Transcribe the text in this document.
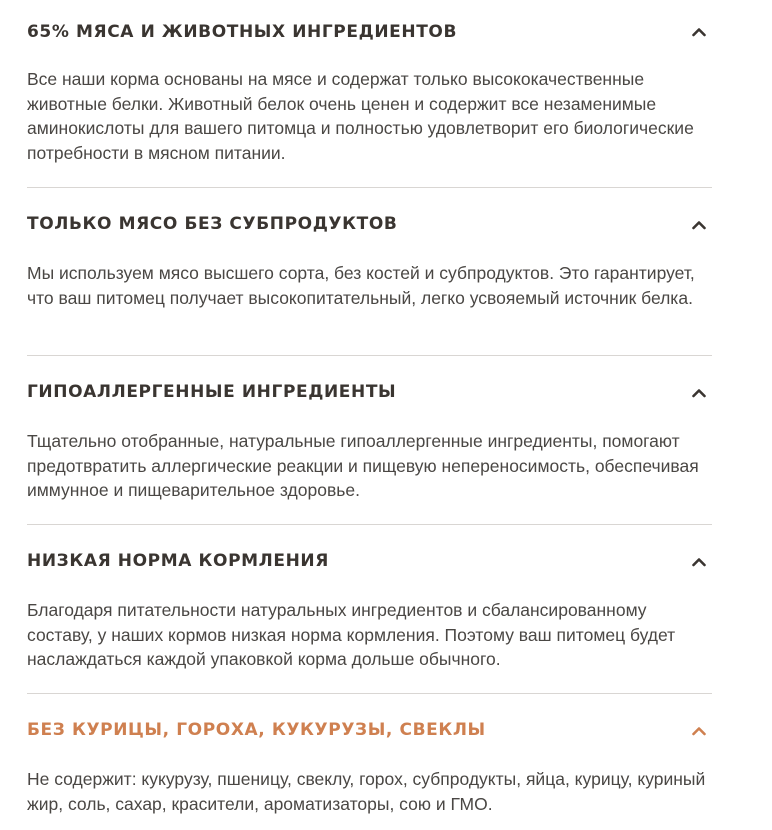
65% МЯСА И ЖИВОТНЫХ ИНГРЕДИЕНТОВ

Все наши корма основаны на мясе и содержат только высококачественные животные белки. Животный белок очень ценен и содержит все незаменимые аминокислоты для вашего питомца и полностью удовлетворит его биологические потребности в мясном питании.

ТОЛЬКО МЯСО БЕЗ СУБПРОДУКТОВ

Мы используем мясо высшего сорта, без костей и субпродуктов. Это гарантирует, что ваш питомец получает высокопитательный, легко усвояемый источник белка.

ГИПОАЛЛЕРГЕННЫЕ ИНГРЕДИЕНТЫ

Тщательно отобранные, натуральные гипоаллергенные ингредиенты, помогают предотвратить аллергические реакции и пищевую непереносимость, обеспечивая иммунное и пищеварительное здоровье.

НИЗКАЯ НОРМА КОРМЛЕНИЯ

Благодаря питательности натуральных ингредиентов и сбалансированному составу, у наших кормов низкая норма кормления. Поэтому ваш питомец будет наслаждаться каждой упаковкой корма дольше обычного.

БЕЗ КУРИЦЫ, ГОРОХА, КУКУРУЗЫ, СВЕКЛЫ

Не содержит: кукурузу, пшеницу, свеклу, горох, субпродукты, яйца, курицу, куриный жир, соль, сахар, красители, ароматизаторы, сою и ГМО.
